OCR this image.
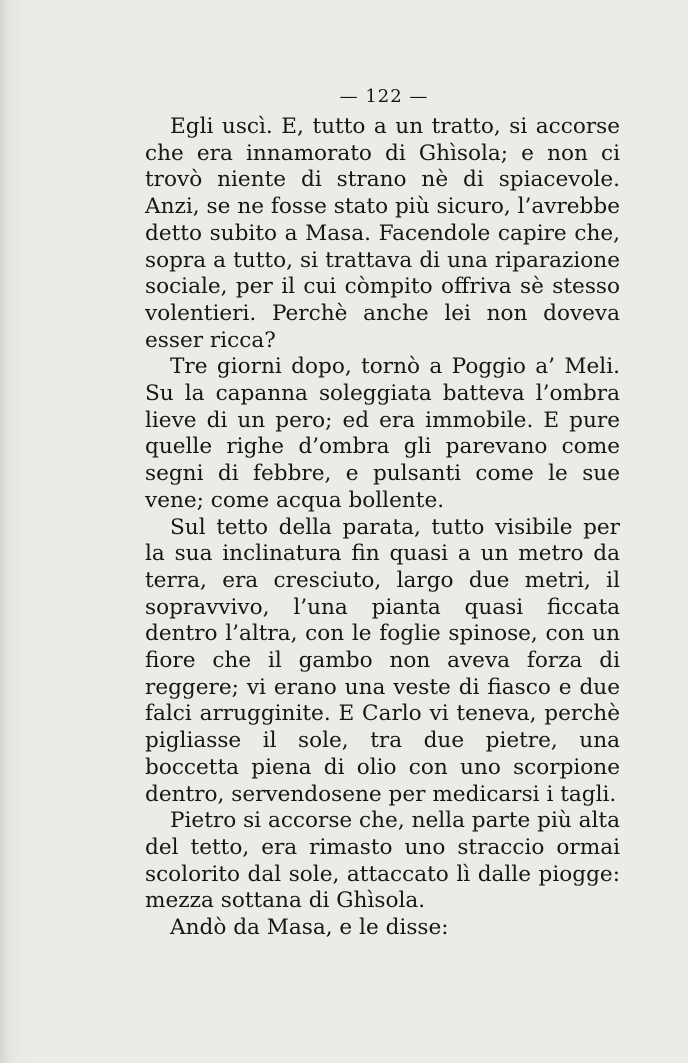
— 122 —

Egli uscì. E, tutto a un tratto, si accorse che era innamorato di Ghìsola; e non ci trovò niente di strano nè di spiacevole. Anzi, se ne fosse stato più sicuro, l’avrebbe detto subito a Masa. Facendole capire che, sopra a tutto, si trattava di una riparazione sociale, per il cui còmpito offriva sè stesso volentieri. Perchè anche lei non doveva esser ricca?

Tre giorni dopo, tornò a Poggio a’ Meli. Su la capanna soleggiata batteva l’ombra lieve di un pero; ed era immobile. E pure quelle righe d’ombra gli parevano come segni di febbre, e pulsanti come le sue vene; come acqua bollente.

Sul tetto della parata, tutto visibile per la sua inclinatura fin quasi a un metro da terra, era cresciuto, largo due metri, il sopravvivo, l’una pianta quasi ficcata dentro l’altra, con le foglie spinose, con un fiore che il gambo non aveva forza di reggere; vi erano una veste di fiasco e due falci arrugginite. E Carlo vi teneva, perchè pigliasse il sole, tra due pietre, una boccetta piena di olio con uno scorpione dentro, servendosene per medicarsi i tagli.

Pietro si accorse che, nella parte più alta del tetto, era rimasto uno straccio ormai scolorito dal sole, attaccato lì dalle piogge: mezza sottana di Ghìsola.

Andò da Masa, e le disse:
